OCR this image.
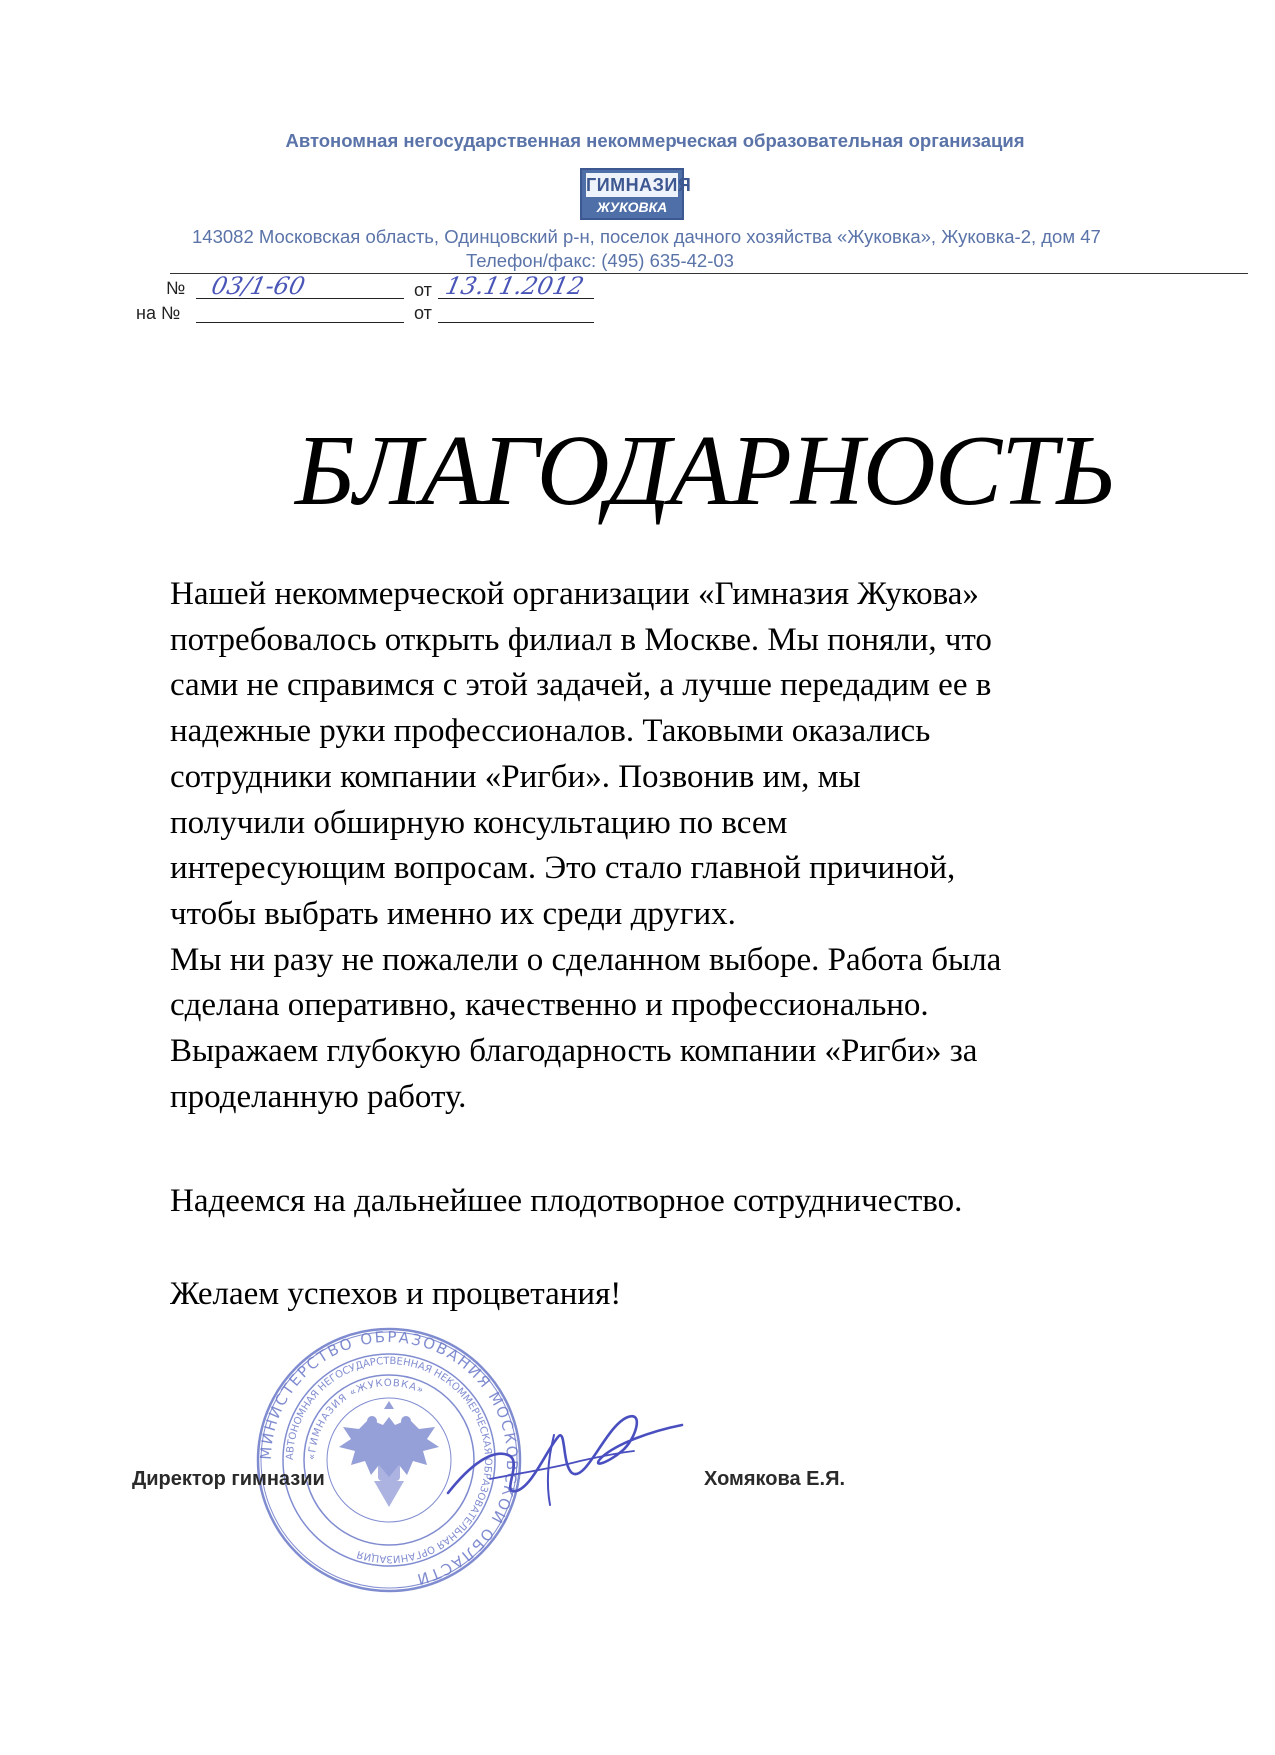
Автономная негосударственная некоммерческая образовательная организация
ГИМНАЗИЯ
ЖУКОВКА
143082 Московская область, Одинцовский р-н, поселок дачного хозяйства «Жуковка», Жуковка-2, дом 47
Телефон/факс: (495) 635-42-03
№ 03/1-60	от 13.11.2012
на №	от
БЛАГОДАРНОСТЬ

Нашей некоммерческой организации «Гимназия Жукова»

потребовалось открыть филиал в Москве. Мы поняли, что

сами не справимся с этой задачей, а лучше передадим ее в

надежные руки профессионалов. Таковыми оказались

сотрудники компании «Ригби». Позвонив им, мы

получили обширную консультацию по всем

интересующим вопросам. Это стало главной причиной,

чтобы выбрать именно их среди других.

Мы ни разу не пожалели о сделанном выборе. Работа была

сделана оперативно, качественно и профессионально.

Выражаем глубокую благодарность компании «Ригби» за

проделанную работу.

Надеемся на дальнейшее плодотворное сотрудничество.
Желаем успехов и процветания!
МИНИСТЕРСТВО ОБРАЗОВАНИЯ МОСКОВСКОЙ ОБЛАСТИ
АВТОНОМНАЯ НЕГОСУДАРСТВЕННАЯ НЕКОММЕРЧЕСКАЯ ОБРАЗОВАТЕЛЬНАЯ ОРГАНИЗАЦИЯ
«ГИМНАЗИЯ «ЖУКОВКА»
Директор гимназии	Хомякова Е.Я.
